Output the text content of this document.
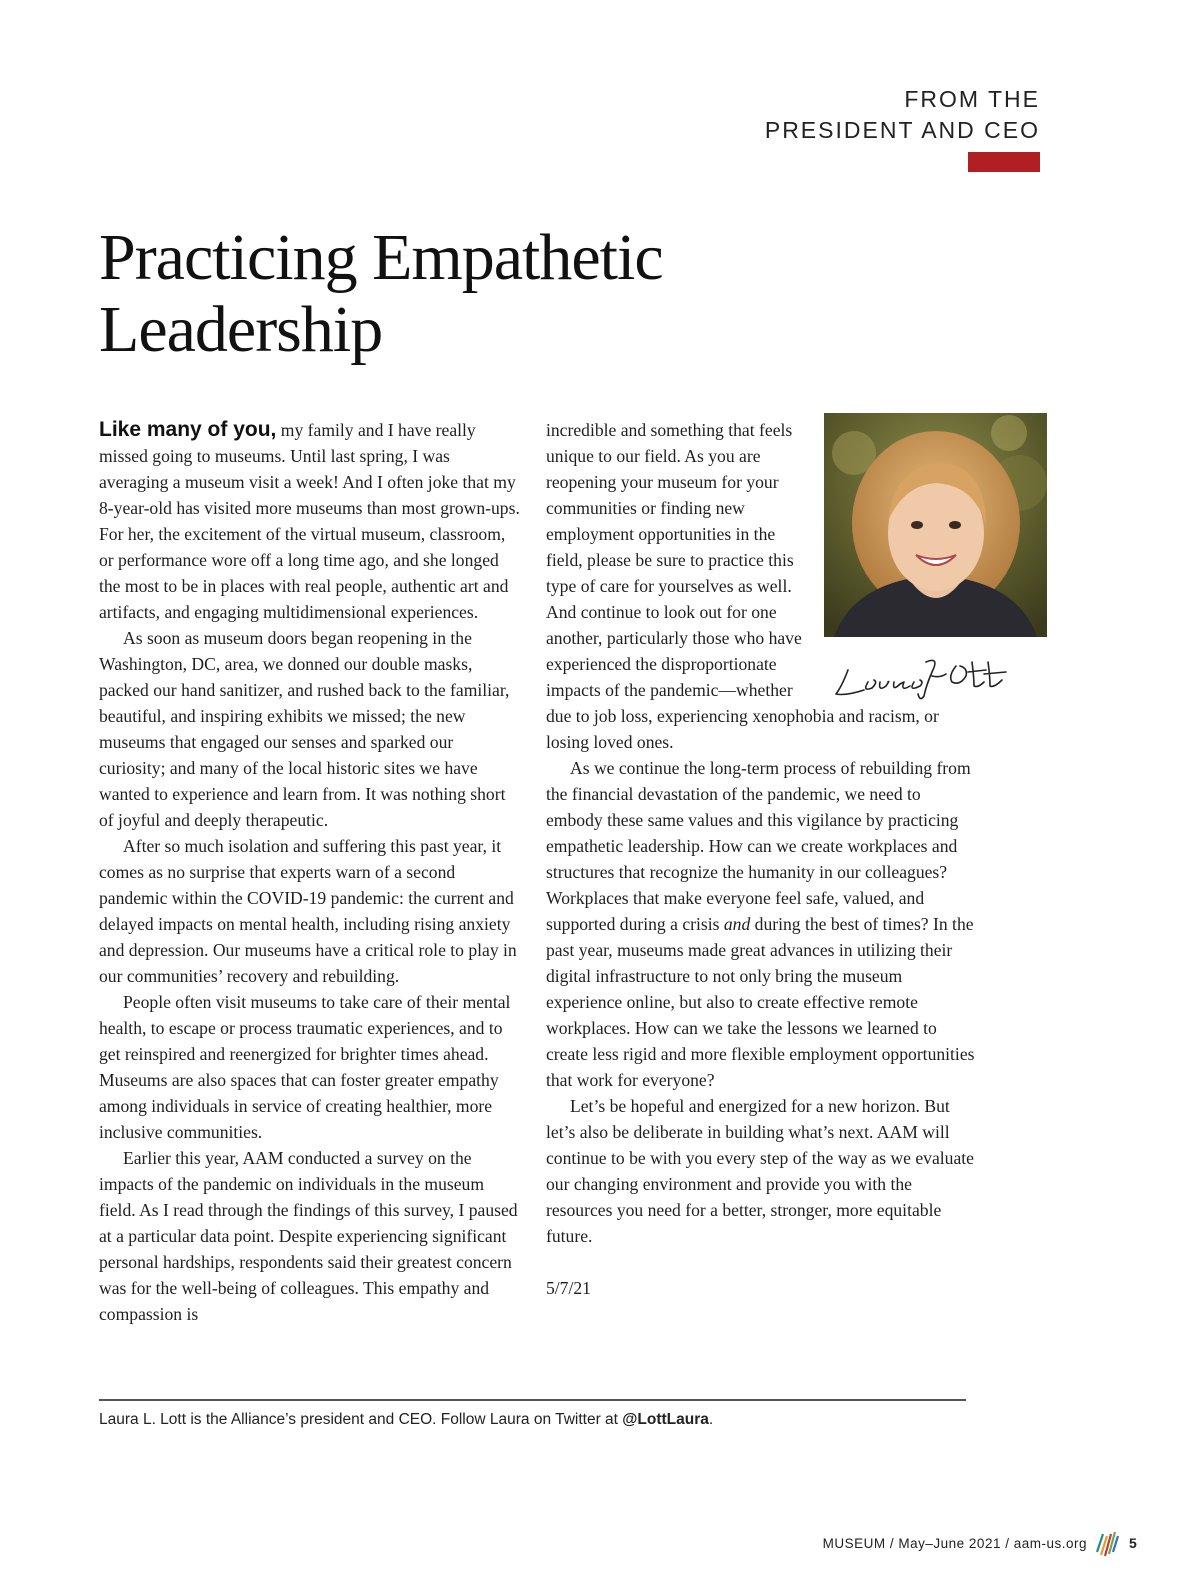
FROM THE
PRESIDENT AND CEO
Practicing Empathetic Leadership

Like many of you, my family and I have really missed going to museums. Until last spring, I was averaging a museum visit a week! And I often joke that my 8-year-old has visited more museums than most grown-ups. For her, the excitement of the virtual museum, classroom, or performance wore off a long time ago, and she longed the most to be in places with real people, authentic art and artifacts, and engaging multidimensional experiences.

As soon as museum doors began reopening in the Washington, DC, area, we donned our double masks, packed our hand sanitizer, and rushed back to the familiar, beautiful, and inspiring exhibits we missed; the new museums that engaged our senses and sparked our curiosity; and many of the local historic sites we have wanted to experience and learn from. It was nothing short of joyful and deeply therapeutic.

After so much isolation and suffering this past year, it comes as no surprise that experts warn of a second pandemic within the COVID-19 pandemic: the current and delayed impacts on mental health, including rising anxiety and depression. Our museums have a critical role to play in our communities’ recovery and rebuilding.

People often visit museums to take care of their mental health, to escape or process traumatic experiences, and to get reinspired and reenergized for brighter times ahead. Museums are also spaces that can foster greater empathy among individuals in service of creating healthier, more inclusive communities.

Earlier this year, AAM conducted a survey on the impacts of the pandemic on individuals in the museum field. As I read through the findings of this survey, I paused at a particular data point. Despite experiencing significant personal hardships, respondents said their greatest concern was for the well-being of colleagues. This empathy and compassion is

incredible and something that feels unique to our field. As you are reopening your museum for your communities or finding new employment opportunities in the field, please be sure to practice this type of care for yourselves as well. And continue to look out for one another, particularly those who have experienced the disproportionate impacts of the pandemic—whether

due to job loss, experiencing xenophobia and racism, or losing loved ones.

As we continue the long-term process of rebuilding from the financial devastation of the pandemic, we need to embody these same values and this vigilance by practicing empathetic leadership. How can we create workplaces and structures that recognize the humanity in our colleagues? Workplaces that make everyone feel safe, valued, and supported during a crisis and during the best of times? In the past year, museums made great advances in utilizing their digital infrastructure to not only bring the museum experience online, but also to create effective remote workplaces. How can we take the lessons we learned to create less rigid and more flexible employment opportunities that work for everyone?

Let’s be hopeful and energized for a new horizon. But let’s also be deliberate in building what’s next. AAM will continue to be with you every step of the way as we evaluate our changing environment and provide you with the resources you need for a better, stronger, more equitable future.

5/7/21

Laura L. Lott is the Alliance’s president and CEO. Follow Laura on Twitter at @LottLaura.
MUSEUM / May–June 2021 / aam-us.org	5
